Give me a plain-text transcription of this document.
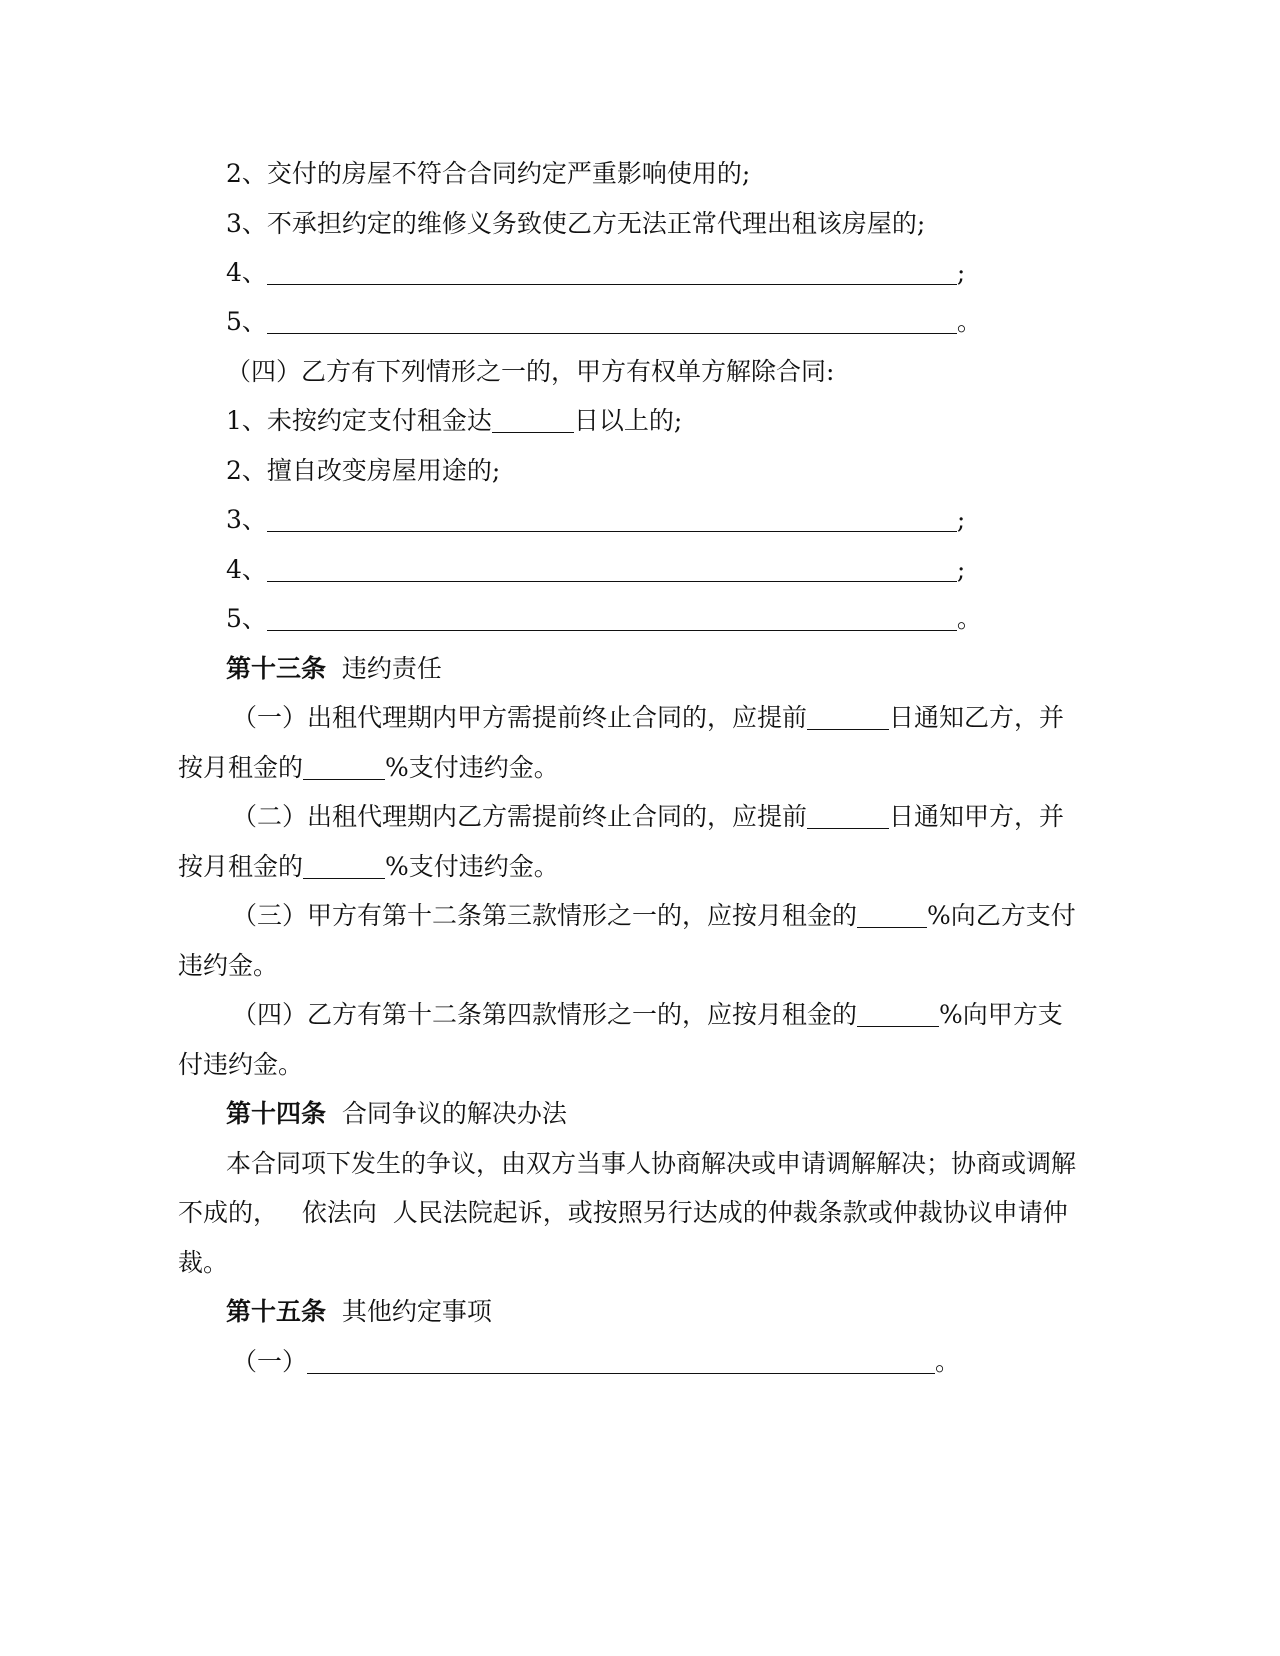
2、交付的房屋不符合合同约定严重影响使用的;
3、不承担约定的维修义务致使乙方无法正常代理出租该房屋的;
4、	;
5、	。
（四）乙方有下列情形之一的，甲方有权单方解除合同:
1、未按约定支付租金达	日以上的;
2、擅自改变房屋用途的;
3、	;
4、	;
5、	。
第十三条 违约责任
（一）出租代理期内甲方需提前终止合同的，应提前	日通知乙方，并
按月租金的	%支付违约金。
（二）出租代理期内乙方需提前终止合同的，应提前	日通知甲方，并
按月租金的	%支付违约金。
（三）甲方有第十二条第三款情形之一的，应按月租金的	%向乙方支付
违约金。
（四）乙方有第十二条第四款情形之一的，应按月租金的	%向甲方支
付违约金。
第十四条 合同争议的解决办法
本合同项下发生的争议，由双方当事人协商解决或申请调解解决；协商或调解
不成的，   依法向  人民法院起诉，或按照另行达成的仲裁条款或仲裁协议申请仲
裁。
第十五条 其他约定事项
（一）	。
